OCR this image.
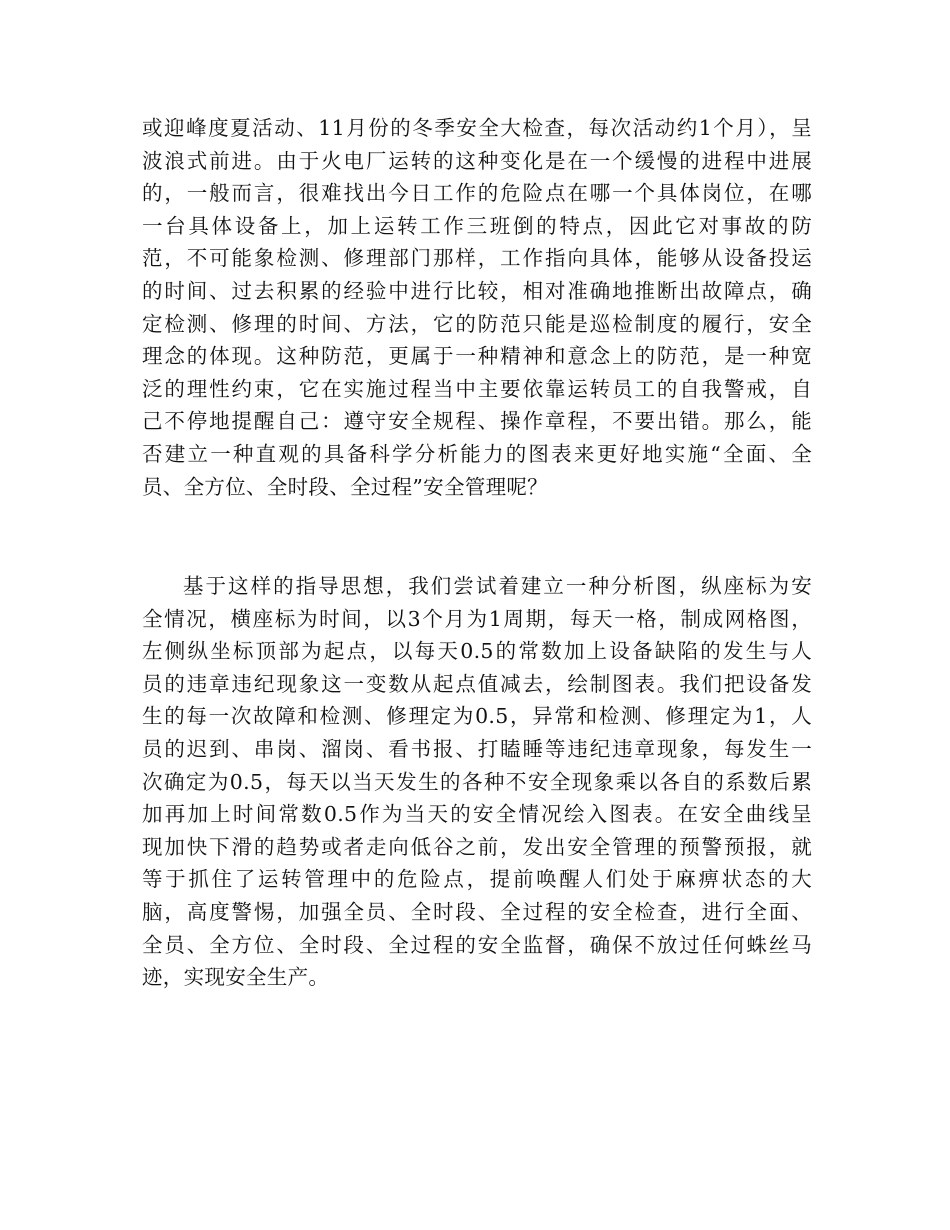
或迎峰度夏活动、11月份的冬季安全大检查，每次活动约1个月），呈
波浪式前进。由于火电厂运转的这种变化是在一个缓慢的进程中进展
的，一般而言，很难找出今日工作的危险点在哪一个具体岗位，在哪
一台具体设备上，加上运转工作三班倒的特点，因此它对事故的防
范，不可能象检测、修理部门那样，工作指向具体，能够从设备投运
的时间、过去积累的经验中进行比较，相对准确地推断出故障点，确
定检测、修理的时间、方法，它的防范只能是巡检制度的履行，安全
理念的体现。这种防范，更属于一种精神和意念上的防范，是一种宽
泛的理性约束，它在实施过程当中主要依靠运转员工的自我警戒，自
己不停地提醒自己：遵守安全规程、操作章程，不要出错。那么，能
否建立一种直观的具备科学分析能力的图表来更好地实施“全面、全
员、全方位、全时段、全过程”安全管理呢？
基于这样的指导思想，我们尝试着建立一种分析图，纵座标为安
全情况，横座标为时间，以3个月为1周期，每天一格，制成网格图，
左侧纵坐标顶部为起点，以每天0.5的常数加上设备缺陷的发生与人
员的违章违纪现象这一变数从起点值减去，绘制图表。我们把设备发
生的每一次故障和检测、修理定为0.5，异常和检测、修理定为1，人
员的迟到、串岗、溜岗、看书报、打瞌睡等违纪违章现象，每发生一
次确定为0.5，每天以当天发生的各种不安全现象乘以各自的系数后累
加再加上时间常数0.5作为当天的安全情况绘入图表。在安全曲线呈
现加快下滑的趋势或者走向低谷之前，发出安全管理的预警预报，就
等于抓住了运转管理中的危险点，提前唤醒人们处于麻痹状态的大
脑，高度警惕，加强全员、全时段、全过程的安全检查，进行全面、
全员、全方位、全时段、全过程的安全监督，确保不放过任何蛛丝马
迹，实现安全生产。
